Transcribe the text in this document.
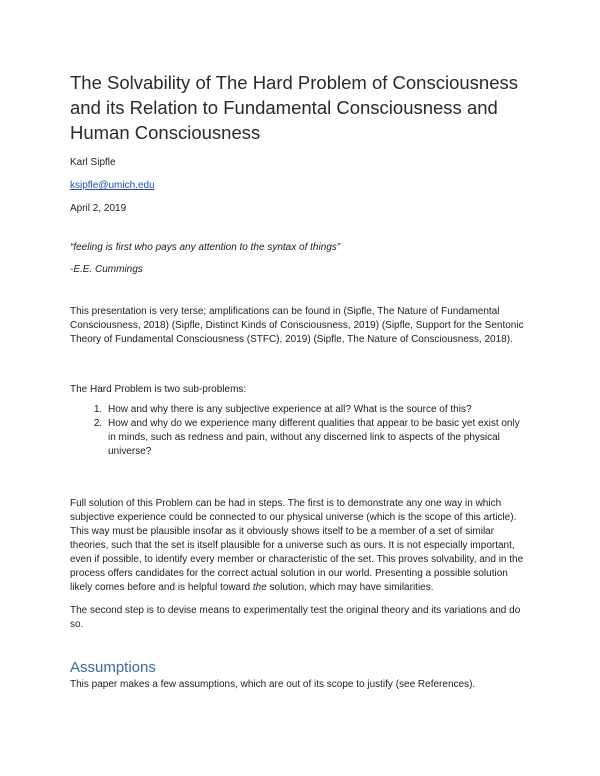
The Solvability of The Hard Problem of Consciousness and its Relation to Fundamental Consciousness and Human Consciousness
Karl Sipfle
ksipfle@umich.edu
April 2, 2019
“feeling is first who pays any attention to the syntax of things”
-E.E. Cummings

This presentation is very terse; amplifications can be found in (Sipfle, The Nature of Fundamental Consciousness, 2018) (Sipfle, Distinct Kinds of Consciousness, 2019) (Sipfle, Support for the Sentonic Theory of Fundamental Consciousness (STFC), 2019) (Sipfle, The Nature of Consciousness, 2018).

The Hard Problem is two sub-problems:

1. How and why there is any subjective experience at all? What is the source of this?
2. How and why do we experience many different qualities that appear to be basic yet exist only in minds, such as redness and pain, without any discerned link to aspects of the physical universe?

Full solution of this Problem can be had in steps. The first is to demonstrate any one way in which subjective experience could be connected to our physical universe (which is the scope of this article). This way must be plausible insofar as it obviously shows itself to be a member of a set of similar theories, such that the set is itself plausible for a universe such as ours. It is not especially important, even if possible, to identify every member or characteristic of the set. This proves solvability, and in the process offers candidates for the correct actual solution in our world. Presenting a possible solution likely comes before and is helpful toward the solution, which may have similarities.

The second step is to devise means to experimentally test the original theory and its variations and do so.

Assumptions

This paper makes a few assumptions, which are out of its scope to justify (see References).
